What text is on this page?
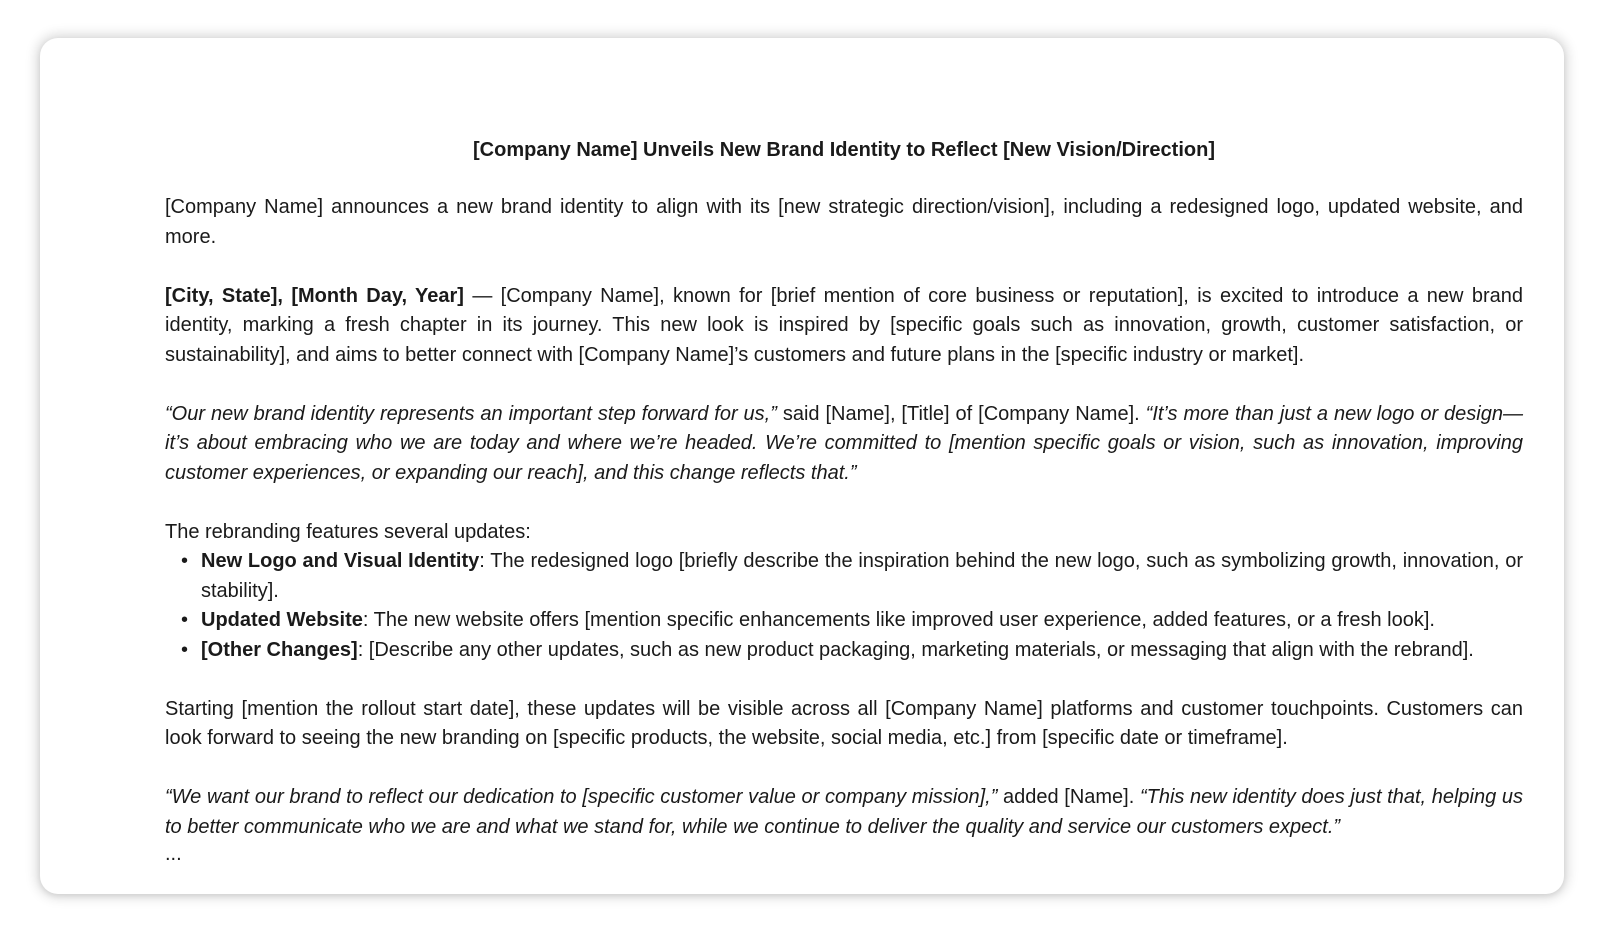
[Company Name] Unveils New Brand Identity to Reflect [New Vision/Direction]

[Company Name] announces a new brand identity to align with its [new strategic direction/vision], including a redesigned logo, updated website, and more.

[City, State], [Month Day, Year] — [Company Name], known for [brief mention of core business or reputation], is excited to introduce a new brand identity, marking a fresh chapter in its journey. This new look is inspired by [specific goals such as innovation, growth, customer satisfaction, or sustainability], and aims to better connect with [Company Name]’s customers and future plans in the [specific industry or market].

“Our new brand identity represents an important step forward for us,” said [Name], [Title] of [Company Name]. “It’s more than just a new logo or design—it’s about embracing who we are today and where we’re headed. We’re committed to [mention specific goals or vision, such as innovation, improving customer experiences, or expanding our reach], and this change reflects that.”

The rebranding features several updates:

• New Logo and Visual Identity: The redesigned logo [briefly describe the inspiration behind the new logo, such as symbolizing growth, innovation, or stability].
• Updated Website: The new website offers [mention specific enhancements like improved user experience, added features, or a fresh look].
• [Other Changes]: [Describe any other updates, such as new product packaging, marketing materials, or messaging that align with the rebrand].

Starting [mention the rollout start date], these updates will be visible across all [Company Name] platforms and customer touchpoints. Customers can look forward to seeing the new branding on [specific products, the website, social media, etc.] from [specific date or timeframe].

“We want our brand to reflect our dedication to [specific customer value or company mission],” added [Name]. “This new identity does just that, helping us to better communicate who we are and what we stand for, while we continue to deliver the quality and service our customers expect.”

...
